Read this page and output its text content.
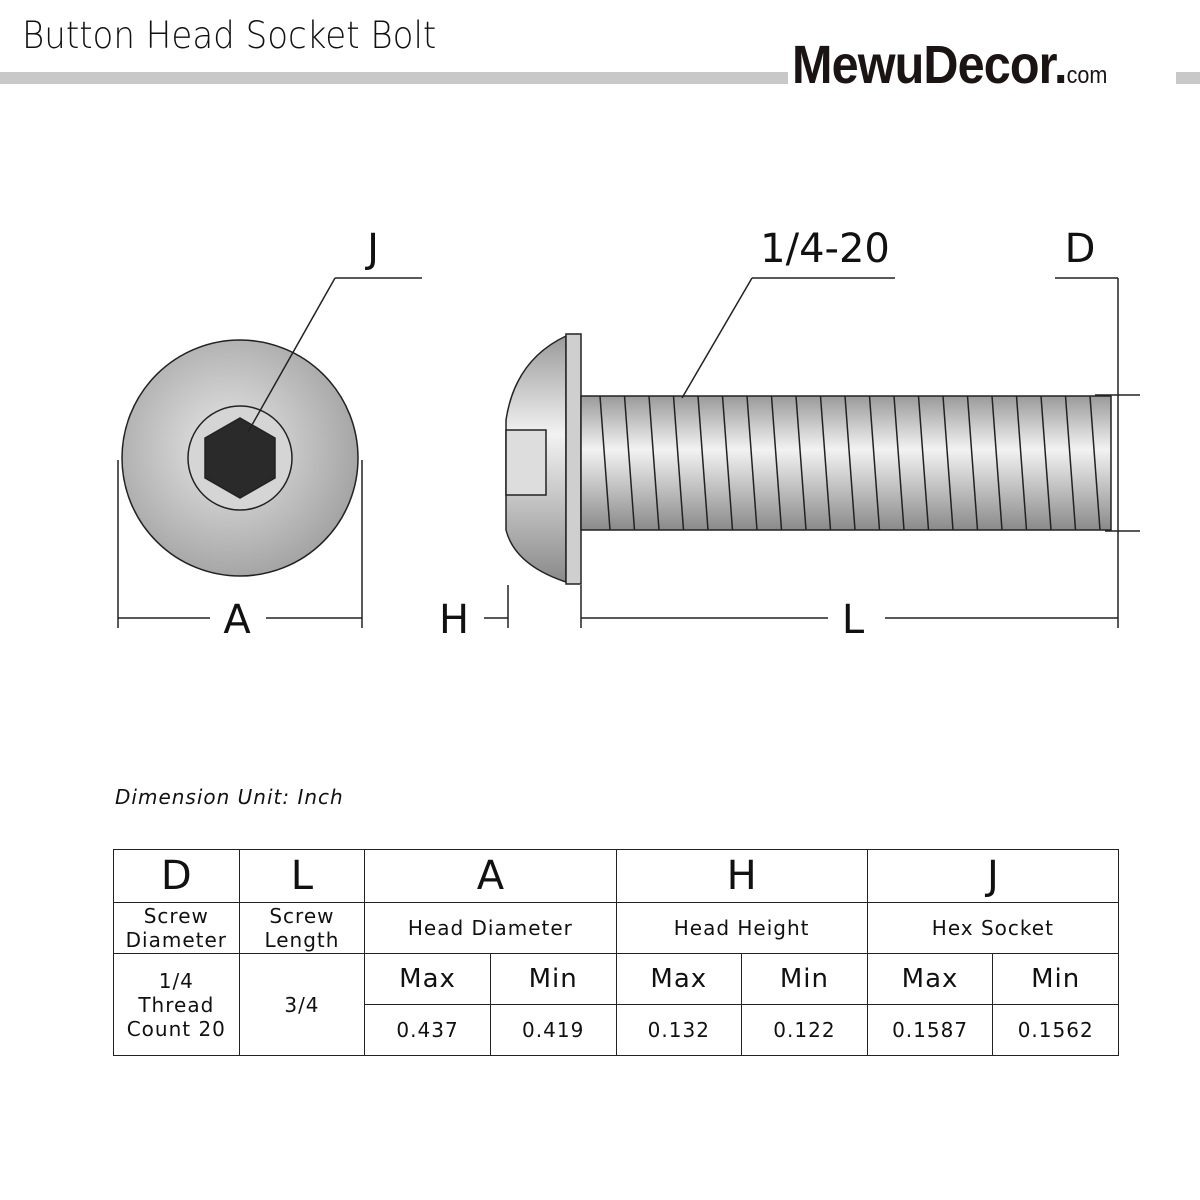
Button Head Socket Bolt	MewuDecor.com
J	1/4-20	D
A	H	L
Dimension Unit: Inch
D	L	A		H		J	
Screw Diameter	Screw Length	Head Diameter		Head Height		Hex Socket	

1/4
Thread Count 20	3/4	Max	Min	Max	Min	Max	Min
		0.437	0.419	0.132	0.122	0.1587	0.1562
